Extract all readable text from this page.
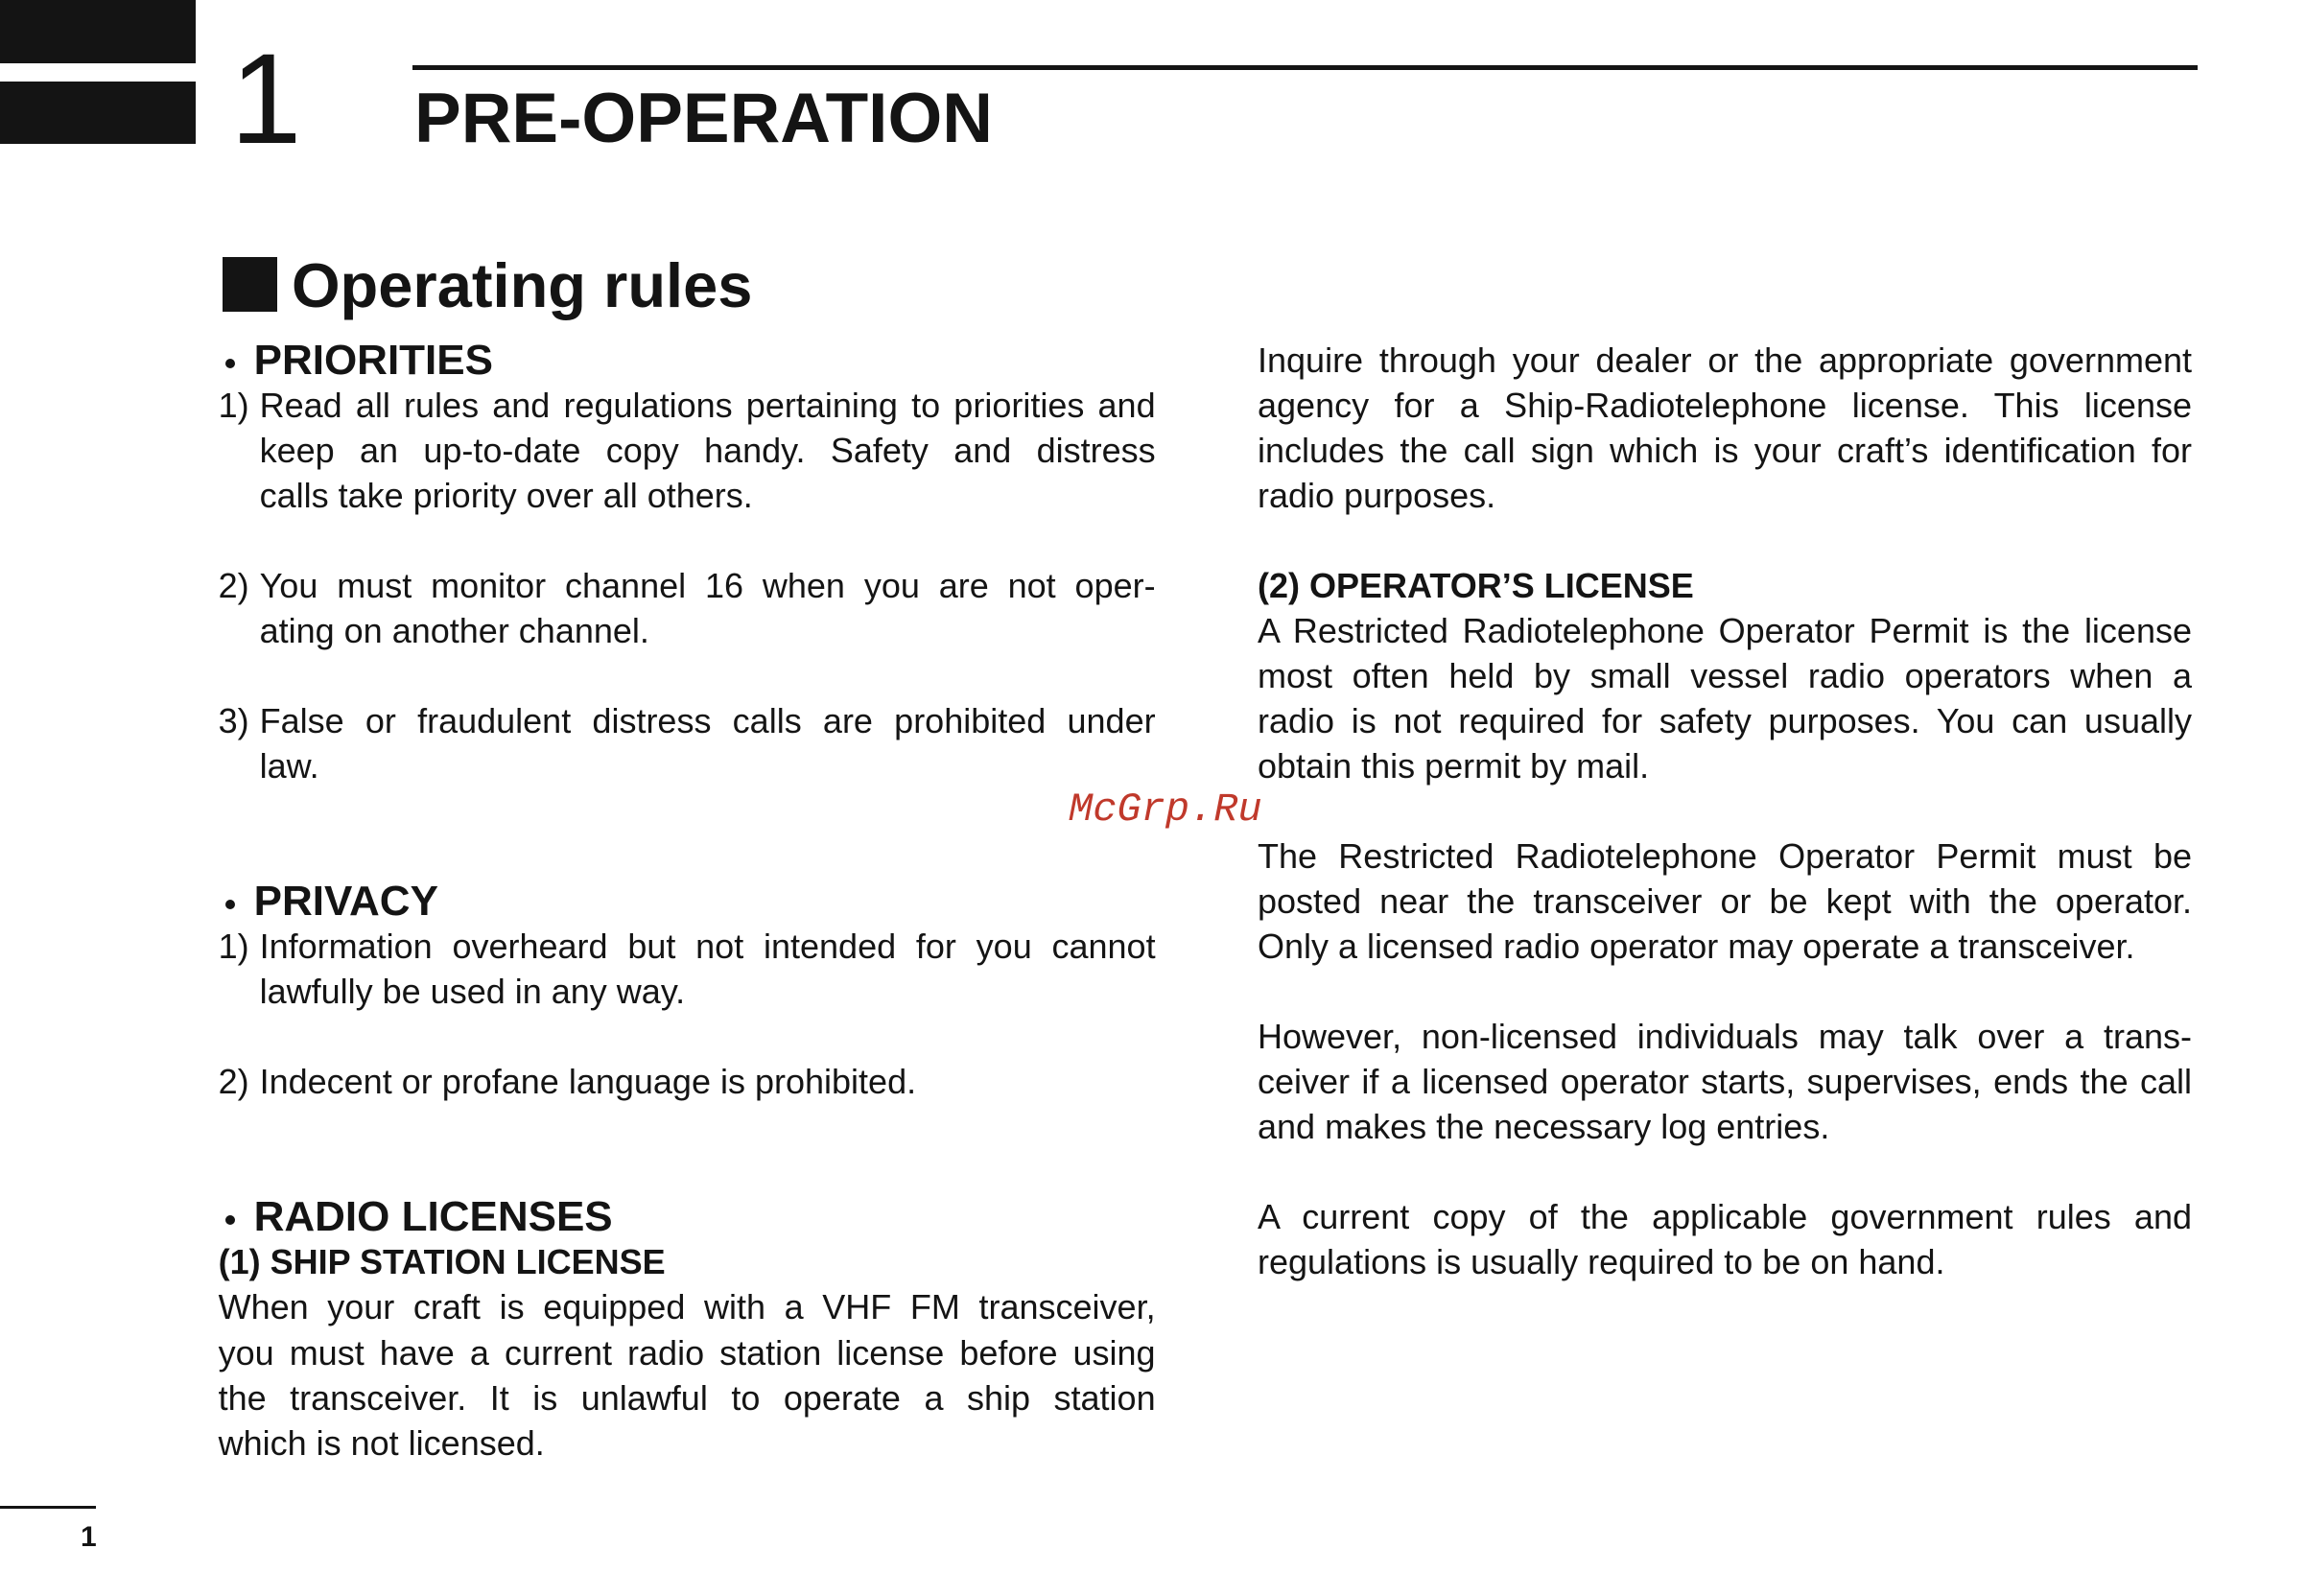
1 PRE-OPERATION
Operating rules
PRIORITIES
1) Read all rules and regulations pertaining to priorities and
keep an up-to-date copy handy. Safety and distress
calls take priority over all others.
2) You must monitor channel 16 when you are not oper-
ating on another channel.
3) False or fraudulent distress calls are prohibited under
law.
PRIVACY
1) Information overheard but not intended for you cannot
lawfully be used in any way.
2) Indecent or profane language is prohibited.
RADIO LICENSES
(1) SHIP STATION LICENSE
When your craft is equipped with a VHF FM transceiver,
you must have a current radio station license before using
the transceiver. It is unlawful to operate a ship station
which is not licensed.
Inquire through your dealer or the appropriate government
agency for a Ship-Radiotelephone license. This license
includes the call sign which is your craft’s identification for
radio purposes.
(2) OPERATOR’S LICENSE
A Restricted Radiotelephone Operator Permit is the license
most often held by small vessel radio operators when a
radio is not required for safety purposes. You can usually
obtain this permit by mail.
The Restricted Radiotelephone Operator Permit must be
posted near the transceiver or be kept with the operator.
Only a licensed radio operator may operate a transceiver.
However, non-licensed individuals may talk over a trans-
ceiver if a licensed operator starts, supervises, ends the call
and makes the necessary log entries.
A current copy of the applicable government rules and
regulations is usually required to be on hand.
McGrp.Ru
1
